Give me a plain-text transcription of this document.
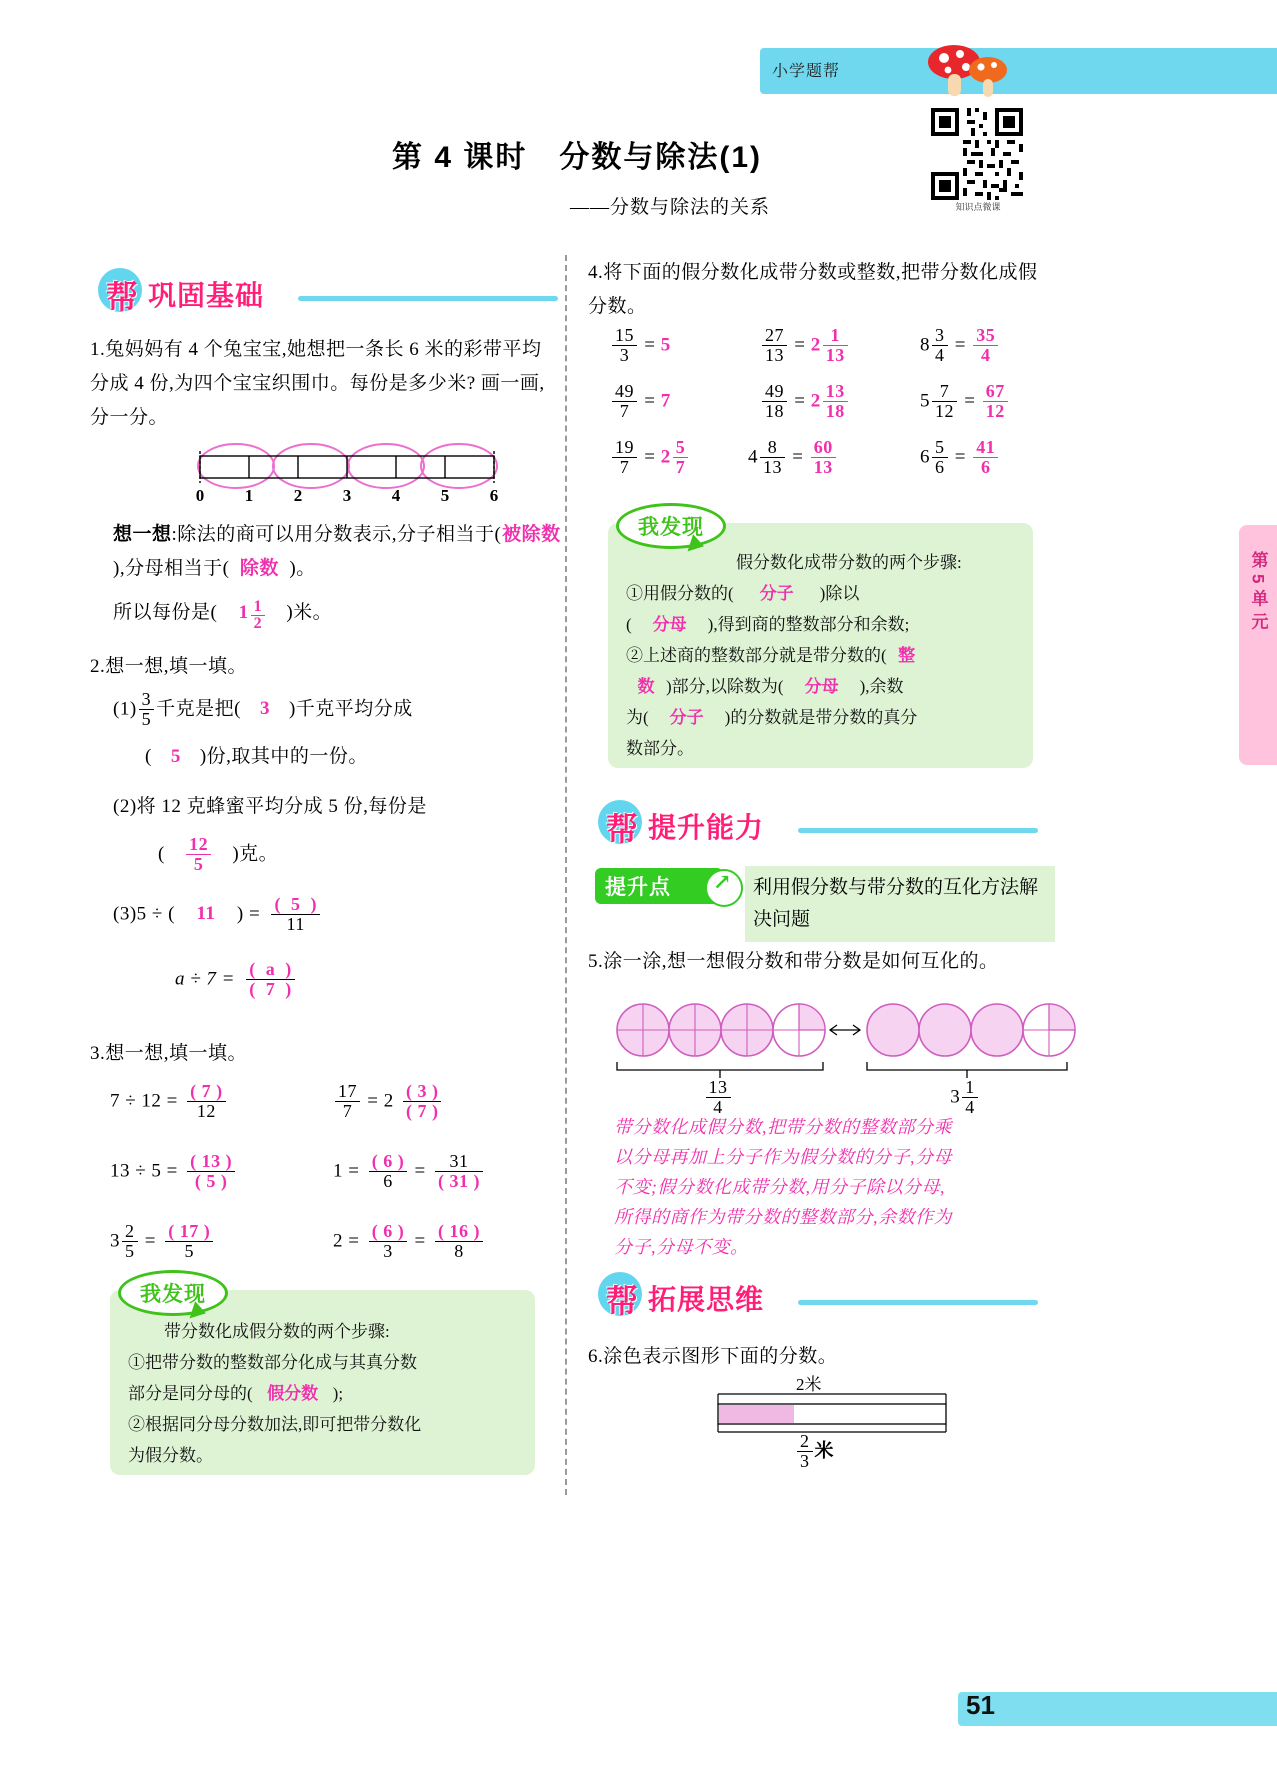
小学题帮
知识点微课
第5单元
第 4 课时　分数与除法(1)
——分数与除法的关系
帮 巩固基础
1.兔妈妈有 4 个兔宝宝,她想把一条长 6 米的彩带平均分成 4 份,为四个宝宝织围巾。每份是多少米? 画一画,分一分。
0 1 2 3 4 5 6
想一想:除法的商可以用分数表示,分子相当于(被除数),分母相当于( 除数 )。
所以每份是( $1 \frac{1}{2}$ )米。
2.想一想,填一填。
$(1) \frac{3}{5}$ 千克是把( 3 )千克平均分成
( 5 )份,取其中的一份。
(2)将 12 克蜂蜜平均分成 5 份,每份是
( $\frac{12}{5}$ )克。
(3)5 ÷ ( 11 ) = $\frac{( 5 )}{11}$
$a \div 7 = \frac{( a )}{( 7 )}$
3.想一想,填一填。
$7 \div 12 = \frac{( 7 )}{12}$	$\frac{17}{7} = 2 \frac{( 3 )}{( 7 )}$
$13 \div 5 = \frac{( 13 )}{( 5 )}$	$1 = \frac{( 6 )}{6} = \frac{31}{( 31 )}$
$3 \frac{2}{5} = \frac{( 17 )}{5}$	$2 = \frac{( 6 )}{3} = \frac{( 16 )}{8}$
我发现
带分数化成假分数的两个步骤:
①把带分数的整数部分化成与其真分数
部分是同分母的( 假分数 );
②根据同分母分数加法,即可把带分数化
为假分数。
4.将下面的假分数化成带分数或整数,把带分数化成假分数。
$\frac{15}{3} = 5$	$\frac{27}{13} = 2 \frac{1}{13}$	$8 \frac{3}{4} = \frac{35}{4}$
$\frac{49}{7} = 7$	$\frac{49}{18} = 2 \frac{13}{18}$	$5 \frac{7}{12} = \frac{67}{12}$
$\frac{19}{7} = 2 \frac{5}{7}$	$4 \frac{8}{13} = \frac{60}{13}$	$6 \frac{5}{6} = \frac{41}{6}$
我发现
假分数化成带分数的两个步骤:
①用假分数的( 分子 )除以
( 分母 ),得到商的整数部分和余数;
②上述商的整数部分就是带分数的( 整
数 )部分,以除数为( 分母 ),余数
为( 分子 )的分数就是带分数的真分
数部分。
帮 提升能力
提升点 ↗	利用假分数与带分数的互化方法解决问题
5.涂一涂,想一想假分数和带分数是如何互化的。
$\frac{13}{4}$	$3 \frac{1}{4}$
带分数化成假分数,把带分数的整数部分乘
以分母再加上分子作为假分数的分子,分母
不变;假分数化成带分数,用分子除以分母,
所得的商作为带分数的整数部分,余数作为
分子,分母不变。
帮 拓展思维
6.涂色表示图形下面的分数。
2米
$\frac{2}{3}$ 米
51
